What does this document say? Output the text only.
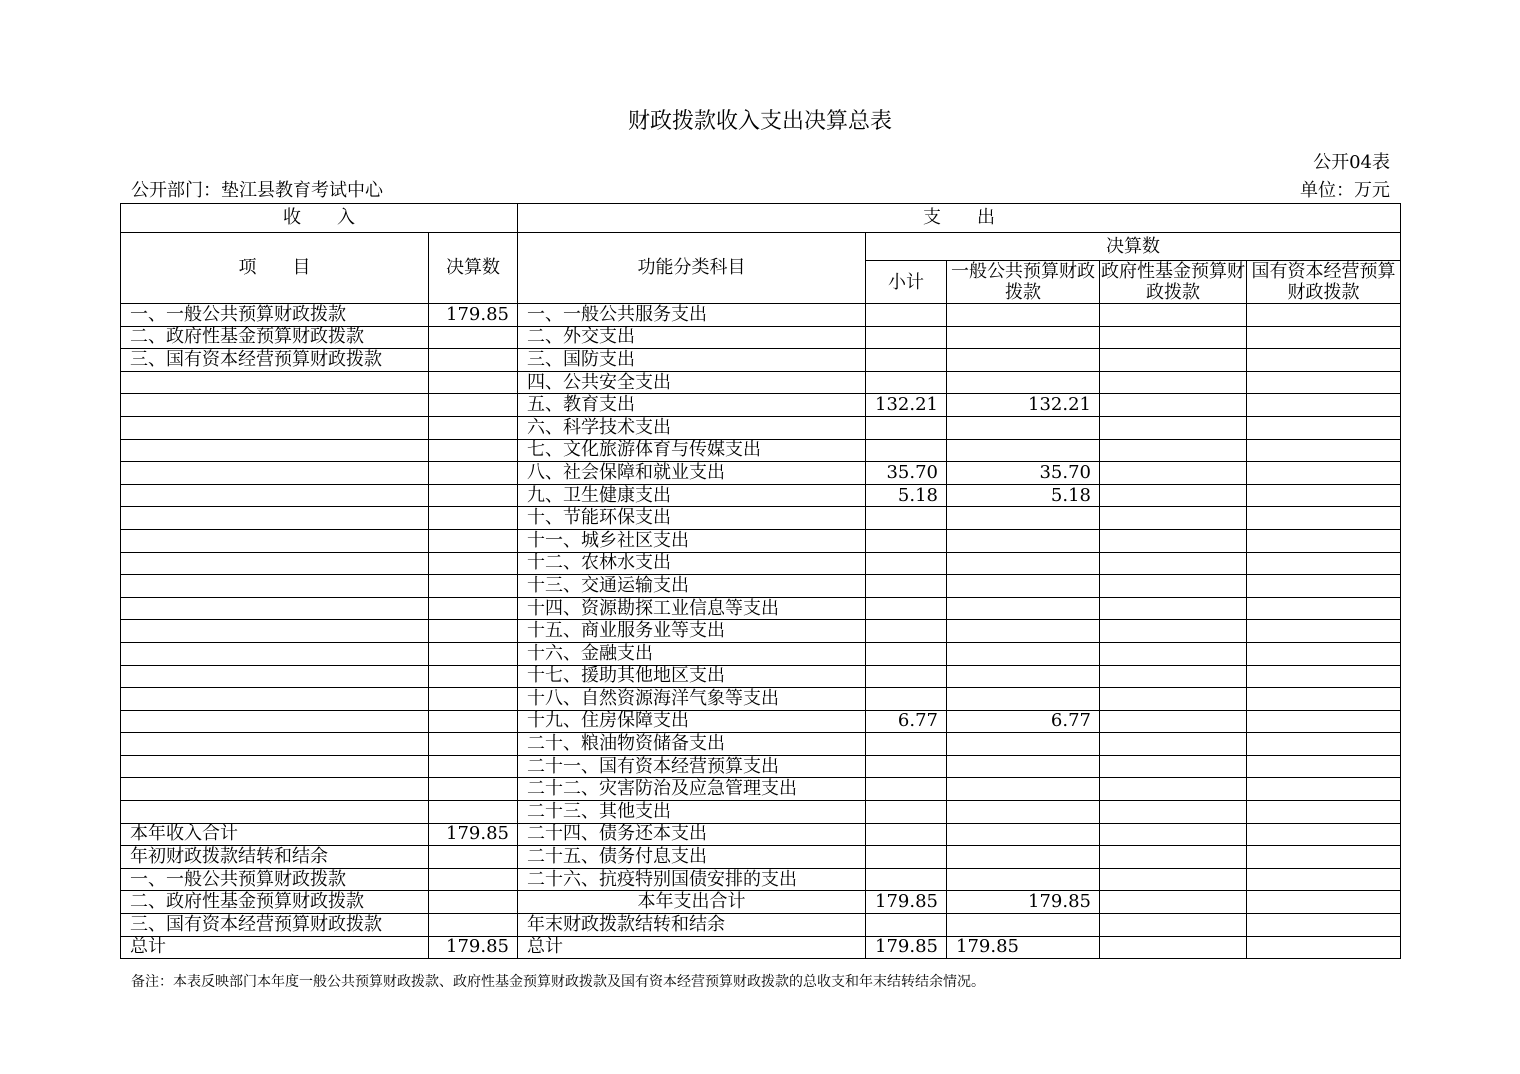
财政拨款收入支出决算总表
公开04表
公开部门：垫江县教育考试中心	单位：万元
收　　入		支　　出				
项　　目	决算数	功能分类科目	决算数			
			小计	一般公共预算财政拨款	政府性基金预算财政拨款	国有资本经营预算财政拨款
一、一般公共预算财政拨款	179.85	一、一般公共服务支出				
二、政府性基金预算财政拨款		二、外交支出				
三、国有资本经营预算财政拨款		三、国防支出				
		四、公共安全支出				
		五、教育支出	132.21	132.21		
		六、科学技术支出				
		七、文化旅游体育与传媒支出				
		八、社会保障和就业支出	35.70	35.70		
		九、卫生健康支出	5.18	5.18		
		十、节能环保支出				
		十一、城乡社区支出				
		十二、农林水支出				
		十三、交通运输支出				
		十四、资源勘探工业信息等支出				
		十五、商业服务业等支出				
		十六、金融支出				
		十七、援助其他地区支出				
		十八、自然资源海洋气象等支出				
		十九、住房保障支出	6.77	6.77		
		二十、粮油物资储备支出				
		二十一、国有资本经营预算支出				
		二十二、灾害防治及应急管理支出				
		二十三、其他支出				
本年收入合计	179.85	二十四、债务还本支出				
年初财政拨款结转和结余		二十五、债务付息支出				
一、一般公共预算财政拨款		二十六、抗疫特别国债安排的支出				
二、政府性基金预算财政拨款		本年支出合计	179.85	179.85		
三、国有资本经营预算财政拨款		年末财政拨款结转和结余				
总计	179.85	总计	179.85	179.85		
备注：本表反映部门本年度一般公共预算财政拨款、政府性基金预算财政拨款及国有资本经营预算财政拨款的总收支和年末结转结余情况。
